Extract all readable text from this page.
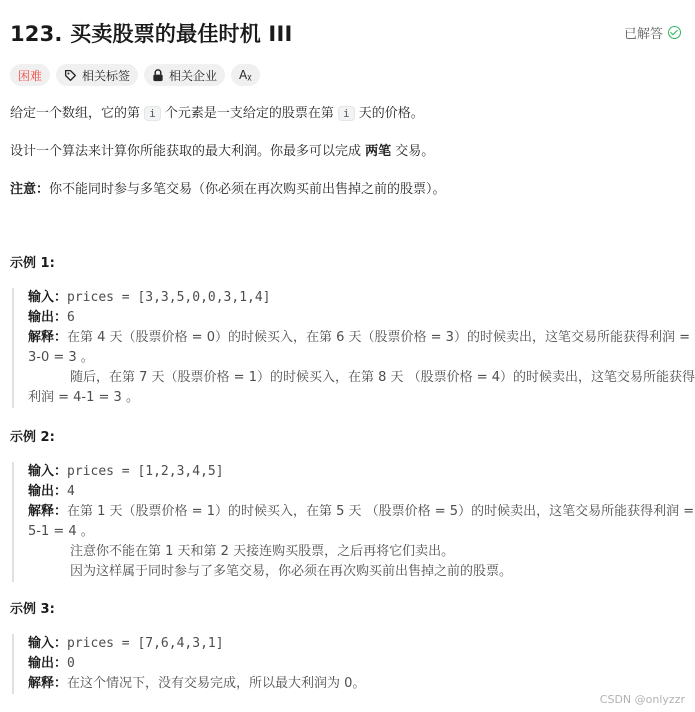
123. 买卖股票的最佳时机 III	已解答
困难	相关标签	相关企业 Aᵪ
给定一个数组，它的第 i 个元素是一支给定的股票在第 i 天的价格。
设计一个算法来计算你所能获取的最大利润。你最多可以完成 两笔 交易。
注意：你不能同时参与多笔交易（你必须在再次购买前出售掉之前的股票）。
示例 1:
输入：prices = [3,3,5,0,0,3,1,4]
输出：6
解释：在第 4 天（股票价格 = 0）的时候买入，在第 6 天（股票价格 = 3）的时候卖出，这笔交易所能获得利润 = 3-0 = 3 。
随后，在第 7 天（股票价格 = 1）的时候买入，在第 8 天 （股票价格 = 4）的时候卖出，这笔交易所能获得利润 = 4-1 = 3 。
示例 2:
输入：prices = [1,2,3,4,5]
输出：4
解释：在第 1 天（股票价格 = 1）的时候买入，在第 5 天 （股票价格 = 5）的时候卖出，这笔交易所能获得利润 = 5-1 = 4 。
注意你不能在第 1 天和第 2 天接连购买股票，之后再将它们卖出。
因为这样属于同时参与了多笔交易，你必须在再次购买前出售掉之前的股票。
示例 3:
输入：prices = [7,6,4,3,1]
输出：0
解释：在这个情况下，没有交易完成，所以最大利润为 0。
CSDN @onlyzzr
